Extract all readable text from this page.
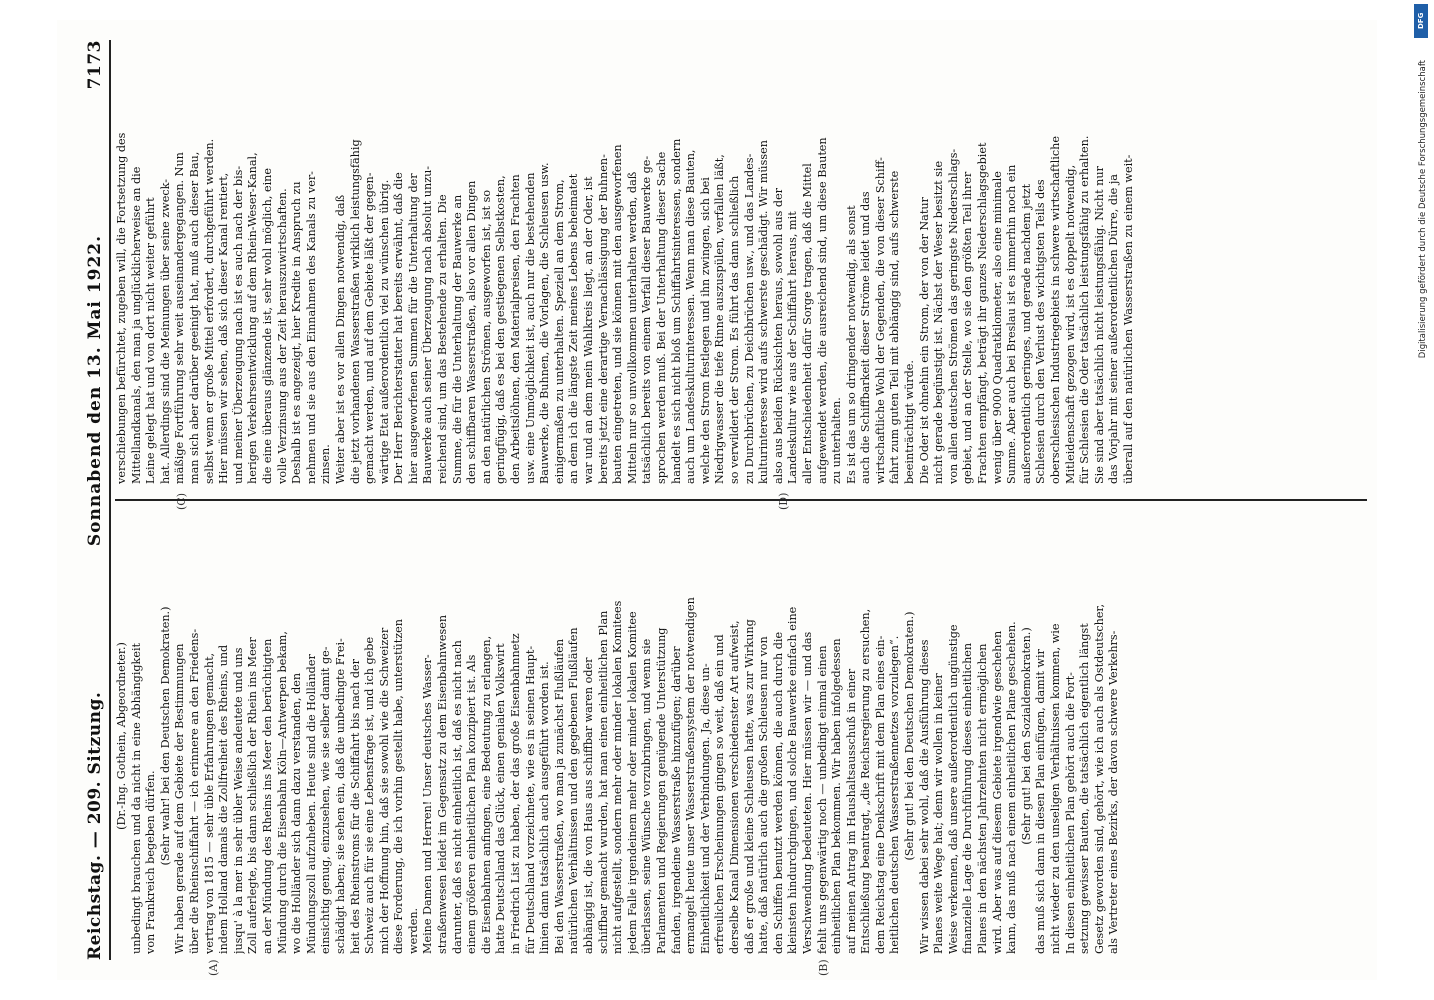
Reichstag. — 209. Sitzung.
Sonnabend den 13. Mai 1922.
7173
(A)	(B)
(C)	(D)
(Dr.-Ing. Gothein, Abgeordneter.) unbedingt brauchen und da nicht in eine Abhängigkeit von Frankreich begeben dürfen. (Sehr wahr! bei den Deutschen Demokraten.) Wir haben gerade auf dem Gebiete der Bestimmungen über die Rheinschiffahrt — ich erinnere an den Friedens- vertrag von 1815 — sehr üble Erfahrungen gemacht, indem Holland damals die Zollfreiheit des Rheins, und jusqu' à la mer in sehr übler Weise andeutete und uns Zoll auferlegte, bis dann schließlich der Rhein ins Meer an der Mündung des Rheins ins Meer den berüchtigten Mündung durch die Eisenbahn Köln—Antwerpen bekam, wo die Holländer sich dann dazu verstanden, den Mündungszoll aufzuheben. Heute sind die Holländer einsichtig genug, einzusehen, wie sie selber damit ge- schädigt haben; sie sehen ein, daß die unbedingte Frei- heit des Rheinstroms für die Schiffahrt bis nach der Schweiz auch für sie eine Lebensfrage ist, und ich gebe mich der Hoffnung hin, daß sie sowohl wie die Schweizer diese Forderung, die ich vorhin gestellt habe, unterstützen werden. Meine Damen und Herren! Unser deutsches Wasser- straßenwesen leidet im Gegensatz zu dem Eisenbahnwesen darunter, daß es nicht einheitlich ist, daß es nicht nach einem größeren einheitlichen Plan konzipiert ist. Als die Eisenbahnen anfingen, eine Bedeutung zu erlangen, hatte Deutschland das Glück, einen genialen Volkswirt in Friedrich List zu haben, der das große Eisenbahnnetz für Deutschland vorzeichnete, wie es in seinen Haupt- linien dann tatsächlich auch ausgeführt worden ist. Bei den Wasserstraßen, wo man ja zunächst Flußläufen natürlichen Verhältnissen und den gegebenen Flußläufen abhängig ist, die von Haus aus schiffbar waren oder schiffbar gemacht wurden, hat man einen einheitlichen Plan nicht aufgestellt, sondern mehr oder minder lokalen Komitees jedem Falle irgendeinem mehr oder minder lokalen Komitee überlassen, seine Wünsche vorzubringen, und wenn sie Parlamenten und Regierungen genügende Unterstützung fanden, irgendeine Wasserstraße hinzufügen; darüber ermangelt heute unser Wasserstraßensystem der notwendigen Einheitlichkeit und der Verbindungen. Ja, diese un- erfreulichen Erscheinungen gingen so weit, daß ein und derselbe Kanal Dimensionen verschiedenster Art aufweist, daß er große und kleine Schleusen hatte, was zur Wirkung hatte, daß natürlich auch die großen Schleusen nur von den Schiffen benutzt werden können, die auch durch die kleinsten hindurchgingen, und solche Bauwerke einfach eine Verschwendung bedeuteten. Hier müssen wir — und das fehlt uns gegenwärtig noch — unbedingt einmal einen einheitlichen Plan bekommen. Wir haben infolgedessen auf meinen Antrag im Haushaltsausschuß in einer Entschließung beantragt, „die Reichsregierung zu ersuchen, dem Reichstag eine Denkschrift mit dem Plan eines ein- heitlichen deutschen Wasserstraßennetzes vorzulegen“. (Sehr gut! bei den Deutschen Demokraten.) Wir wissen dabei sehr wohl, daß die Ausführung dieses Planes weite Wege hat; denn wir wollen in keiner Weise verkennen, daß unsere außerordentlich ungünstige finanzielle Lage die Durchführung dieses einheitlichen Planes in den nächsten Jahrzehnten nicht ermöglichen wird. Aber was auf diesem Gebiete irgendwie geschehen kann, das muß nach einem einheitlichen Plane geschehen. (Sehr gut! bei den Sozialdemokraten.) das muß sich dann in diesen Plan einfügen, damit wir nicht wieder zu den unseligen Verhältnissen kommen, wie In diesen einheitlichen Plan gehört auch die Fort- setzung gewisser Bauten, die tatsächlich eigentlich längst Gesetz geworden sind, gehört, wie ich auch als Ostdeutscher, als Vertreter eines Bezirks, der davon schwere Verkehrs-
verschiebungen befürchtet, zugeben will, die Fortsetzung des Mittellandkanals, den man ja unglücklicherweise an die Leine gelegt hat und von dort nicht weiter geführt hat. Allerdings sind die Meinungen über seine zweck- mäßige Fortführung sehr weit auseinandergegangen. Nun man sich aber darüber geeinigt hat, muß auch dieser Bau, selbst wenn er große Mittel erfordert, durchgeführt werden. Hier müssen wir sehen, daß sich dieser Kanal rentiert, und meiner Überzeugung nach ist es auch nach der bis- herigen Verkehrsentwicklung auf dem Rhein-Weser-Kanal, die eine überaus glänzende ist, sehr wohl möglich, eine volle Verzinsung aus der Zeit herauszuwirtschaften. Deshalb ist es angezeigt, hier Kredite in Anspruch zu nehmen und sie aus den Einnahmen des Kanals zu ver- zinsen. Weiter aber ist es vor allen Dingen notwendig, daß die jetzt vorhandenen Wasserstraßen wirklich leistungsfähig gemacht werden, und auf dem Gebiete läßt der gegen- wärtige Etat außerordentlich viel zu wünschen übrig. Der Herr Berichterstatter hat bereits erwähnt, daß die hier ausgeworfenen Summen für die Unterhaltung der Bauwerke auch seiner Überzeugung nach absolut unzu- reichend sind, um das Bestehende zu erhalten. Die Summe, die für die Unterhaltung der Bauwerke an den schiffbaren Wasserstraßen, also vor allen Dingen an den natürlichen Strömen, ausgeworfen ist, ist so geringfügig, daß es bei den gestiegenen Selbstkosten, den Arbeitslöhnen, den Materialpreisen, den Frachten usw. eine Unmöglichkeit ist, auch nur die bestehenden Bauwerke, die Buhnen, die Vorlagen, die Schleusen usw. einigermaßen zu unterhalten. Speziell an dem Strom, an dem ich die längste Zeit meines Lebens beheimatet war und an dem mein Wahlkreis liegt, an der Oder, ist bereits jetzt eine derartige Vernachlässigung der Buhnen- bauten eingetreten, und sie können mit den ausgeworfenen Mitteln nur so unvollkommen unterhalten werden, daß tatsächlich bereits von einem Verfall dieser Bauwerke ge- sprochen werden muß. Bei der Unterhaltung dieser Sache handelt es sich nicht bloß um Schiffahrtsinteressen, sondern auch um Landeskulturinteressen. Wenn man diese Bauten, welche den Strom festlegen und ihn zwingen, sich bei Niedrigwasser die tiefe Rinne auszuspülen, verfallen läßt, so verwildert der Strom. Es führt das dann schließlich zu Durchbrüchen, zu Deichbrüchen usw., und das Landes- kulturinteresse wird aufs schwerste geschädigt. Wir müssen also aus beiden Rücksichten heraus, sowohl aus der Landeskultur wie aus der Schiffahrt heraus, mit aller Entschiedenheit dafür Sorge tragen, daß die Mittel aufgewendet werden, die ausreichend sind, um diese Bauten zu unterhalten. Es ist das um so dringender notwendig, als sonst auch die Schiffbarkeit dieser Ströme leidet und das wirtschaftliche Wohl der Gegenden, die von dieser Schiff- fahrt zum guten Teil mit abhängig sind, aufs schwerste beeinträchtigt würde. Die Oder ist ohnehin ein Strom, der von der Natur nicht gerade begünstigt ist. Nächst der Weser besitzt sie von allen deutschen Strömen das geringste Niederschlags- gebiet, und an der Stelle, wo sie den größten Teil ihrer Frachten empfängt, beträgt ihr ganzes Niederschlagsgebiet wenig über 9000 Quadratkilometer, also eine minimale Summe. Aber auch bei Breslau ist es immerhin noch ein außerordentlich geringes, und gerade nachdem jetzt Schlesien durch den Verlust des wichtigsten Teils des oberschlesischen Industriegebiets in schwere wirtschaftliche Mitleidenschaft gezogen wird, ist es doppelt notwendig, für Schlesien die Oder tatsächlich leistungsfähig zu erhalten. Sie sind aber tatsächlich nicht leistungsfähig. Nicht nur das Vorjahr mit seiner außerordentlichen Dürre, die ja überall auf den natürlichen Wasserstraßen zu einem weit-
DFG
Digitalisierung gefördert durch die Deutsche Forschungsgemeinschaft
